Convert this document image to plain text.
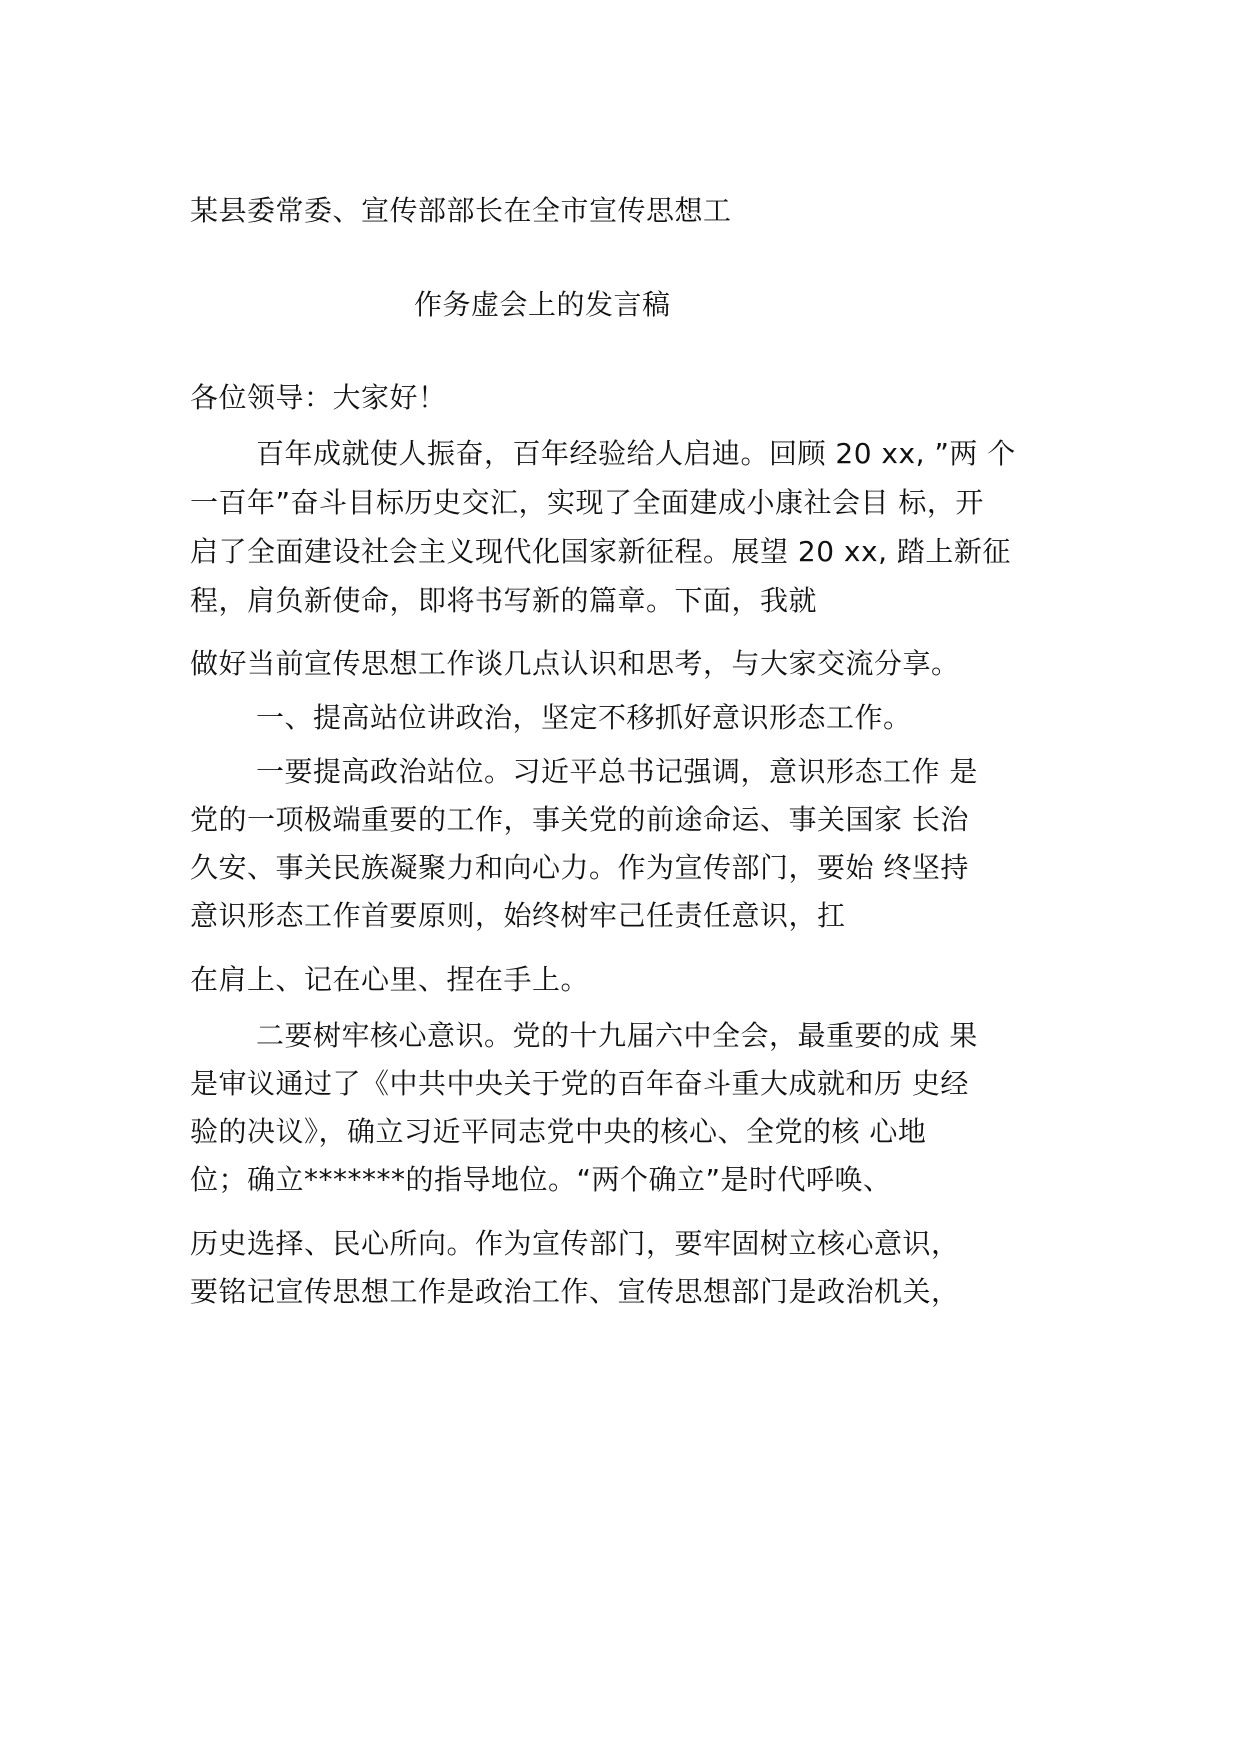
某县委常委、宣传部部长在全市宣传思想工
作务虚会上的发言稿
各位领导：大家好！
百年成就使人振奋，百年经验给人启迪。回顾 20 xx, ”两 个
一百年”奋斗目标历史交汇，实现了全面建成小康社会目 标，开
启了全面建设社会主义现代化国家新征程。展望 20 xx, 踏上新征
程，肩负新使命，即将书写新的篇章。下面，我就
做好当前宣传思想工作谈几点认识和思考，与大家交流分享。
一、提高站位讲政治，坚定不移抓好意识形态工作。
一要提高政治站位。习近平总书记强调，意识形态工作 是
党的一项极端重要的工作，事关党的前途命运、事关国家 长治
久安、事关民族凝聚力和向心力。作为宣传部门，要始 终坚持
意识形态工作首要原则，始终树牢己任责任意识，扛
在肩上、记在心里、捏在手上。
二要树牢核心意识。党的十九届六中全会，最重要的成 果
是审议通过了《中共中央关于党的百年奋斗重大成就和历 史经
验的决议》，确立习近平同志党中央的核心、全党的核 心地
位；确立*******的指导地位。“两个确立”是时代呼唤、
历史选择、民心所向。作为宣传部门，要牢固树立核心意识，
要铭记宣传思想工作是政治工作、宣传思想部门是政治机关，
